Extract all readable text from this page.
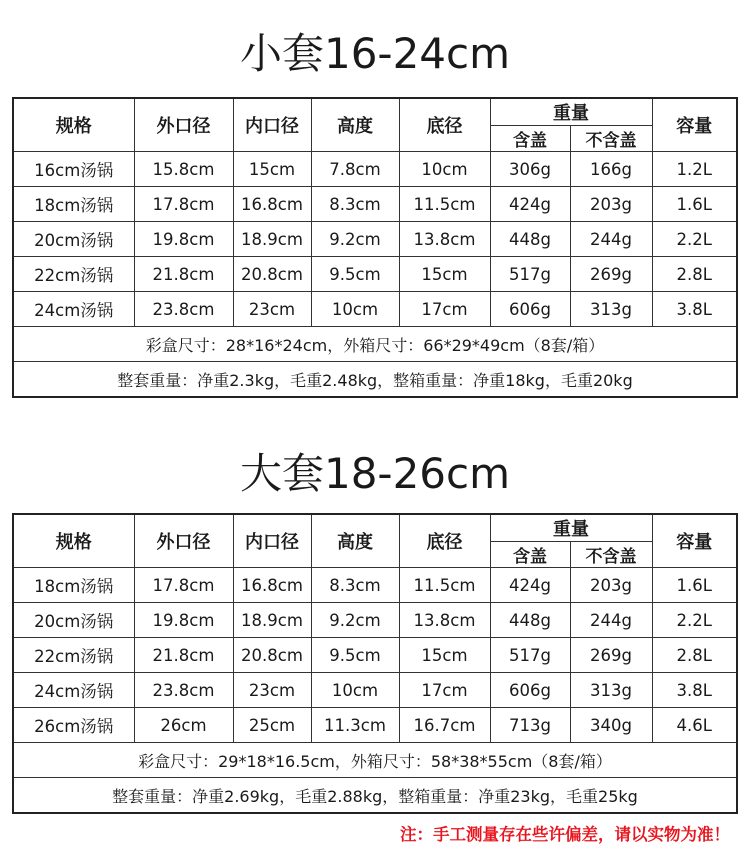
小套16-24cm
规格	外口径	内口径	高度	底径	重量		容量
					含盖	不含盖	
16cm汤锅	15.8cm	15cm	7.8cm	10cm	306g	166g	1.2L
18cm汤锅	17.8cm	16.8cm	8.3cm	11.5cm	424g	203g	1.6L
20cm汤锅	19.8cm	18.9cm	9.2cm	13.8cm	448g	244g	2.2L
22cm汤锅	21.8cm	20.8cm	9.5cm	15cm	517g	269g	2.8L
24cm汤锅	23.8cm	23cm	10cm	17cm	606g	313g	3.8L
彩盒尺寸：28*16*24cm，外箱尺寸：66*29*49cm（8套/箱）							
整套重量：净重2.3kg，毛重2.48kg，整箱重量：净重18kg，毛重20kg							
大套18-26cm
规格	外口径	内口径	高度	底径	重量		容量
					含盖	不含盖	
18cm汤锅	17.8cm	16.8cm	8.3cm	11.5cm	424g	203g	1.6L
20cm汤锅	19.8cm	18.9cm	9.2cm	13.8cm	448g	244g	2.2L
22cm汤锅	21.8cm	20.8cm	9.5cm	15cm	517g	269g	2.8L
24cm汤锅	23.8cm	23cm	10cm	17cm	606g	313g	3.8L
26cm汤锅	26cm	25cm	11.3cm	16.7cm	713g	340g	4.6L
彩盒尺寸：29*18*16.5cm，外箱尺寸：58*38*55cm（8套/箱）							
整套重量：净重2.69kg，毛重2.88kg，整箱重量：净重23kg，毛重25kg							
注：手工测量存在些许偏差，请以实物为准！
